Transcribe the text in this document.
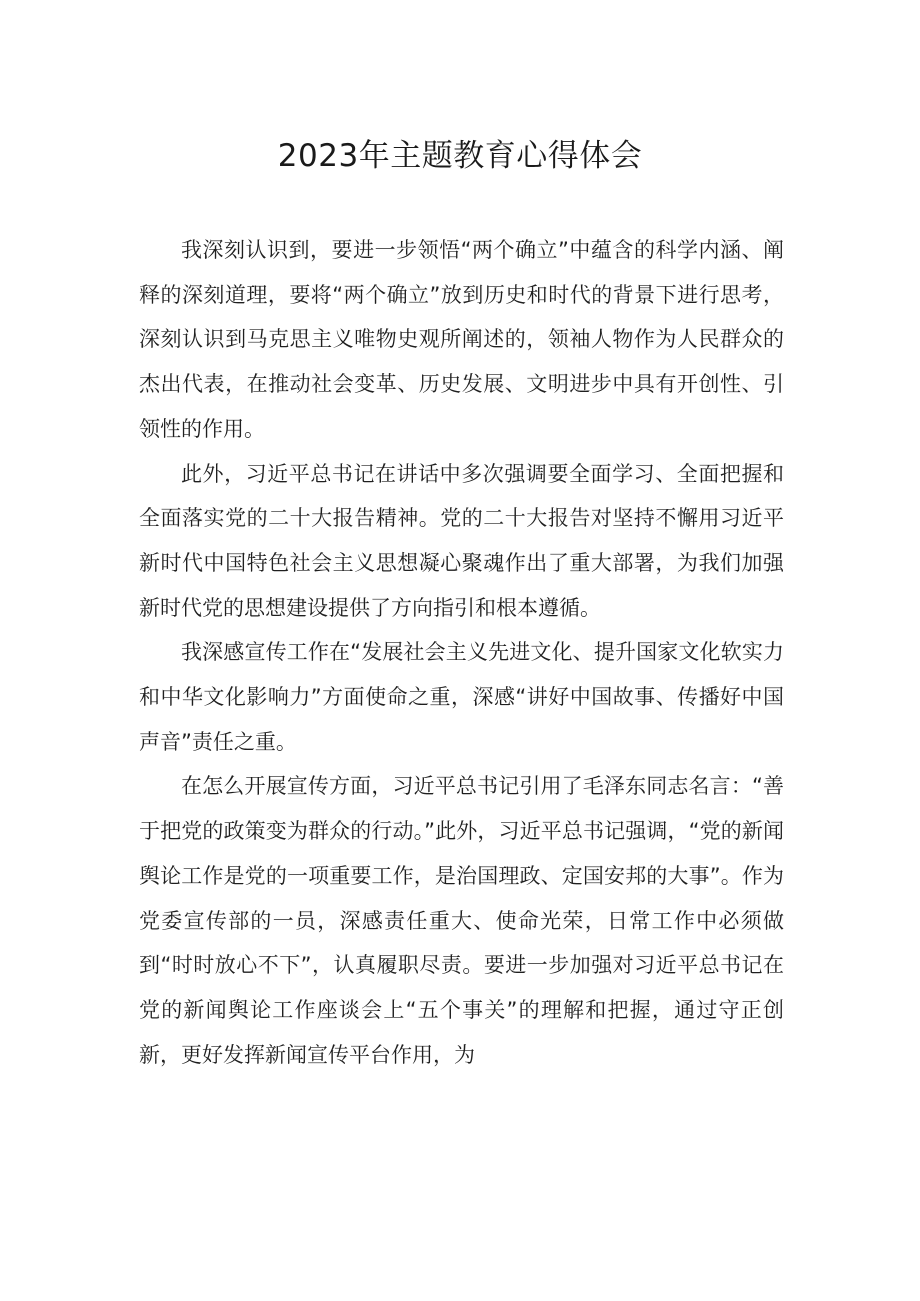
2023年主题教育心得体会

我深刻认识到，要进一步领悟“两个确立”中蕴含的科学内涵、阐释的深刻道理，要将“两个确立”放到历史和时代的背景下进行思考，深刻认识到马克思主义唯物史观所阐述的，领袖人物作为人民群众的杰出代表，在推动社会变革、历史发展、文明进步中具有开创性、引领性的作用。

此外，习近平总书记在讲话中多次强调要全面学习、全面把握和全面落实党的二十大报告精神。党的二十大报告对坚持不懈用习近平新时代中国特色社会主义思想凝心聚魂作出了重大部署，为我们加强新时代党的思想建设提供了方向指引和根本遵循。

我深感宣传工作在“发展社会主义先进文化、提升国家文化软实力和中华文化影响力”方面使命之重，深感“讲好中国故事、传播好中国声音”责任之重。

在怎么开展宣传方面，习近平总书记引用了毛泽东同志名言：“善于把党的政策变为群众的行动。”此外，习近平总书记强调，“党的新闻舆论工作是党的一项重要工作，是治国理政、定国安邦的大事”。作为党委宣传部的一员，深感责任重大、使命光荣，日常工作中必须做到“时时放心不下”，认真履职尽责。要进一步加强对习近平总书记在党的新闻舆论工作座谈会上“五个事关”的理解和把握，通过守正创新，更好发挥新闻宣传平台作用，为
